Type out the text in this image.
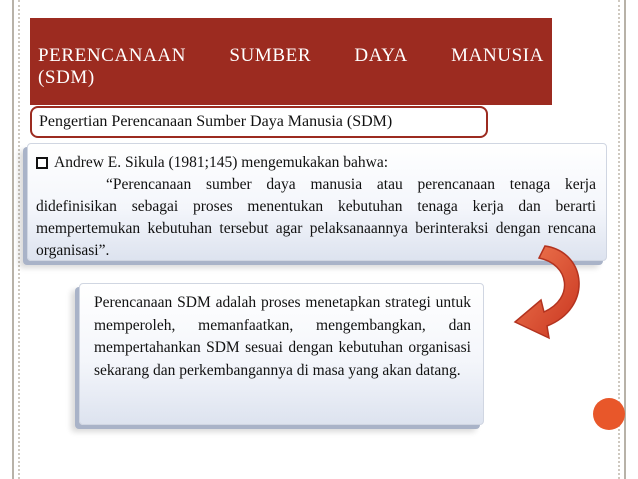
PERENCANAAN SUMBER DAYA MANUSIA
(SDM)
Pengertian Perencanaan Sumber Daya Manusia (SDM)
Andrew E. Sikula (1981;145) mengemukakan bahwa:
“Perencanaan sumber daya manusia atau perencanaan tenaga kerja didefinisikan sebagai proses menentukan kebutuhan tenaga kerja dan berarti mempertemukan kebutuhan tersebut agar pelaksanaannya berinteraksi dengan rencana organisasi”.
Perencanaan SDM adalah proses menetapkan strategi untuk memperoleh, memanfaatkan, mengembangkan, dan mempertahankan SDM sesuai dengan kebutuhan organisasi sekarang dan perkembangannya di masa yang akan datang.
